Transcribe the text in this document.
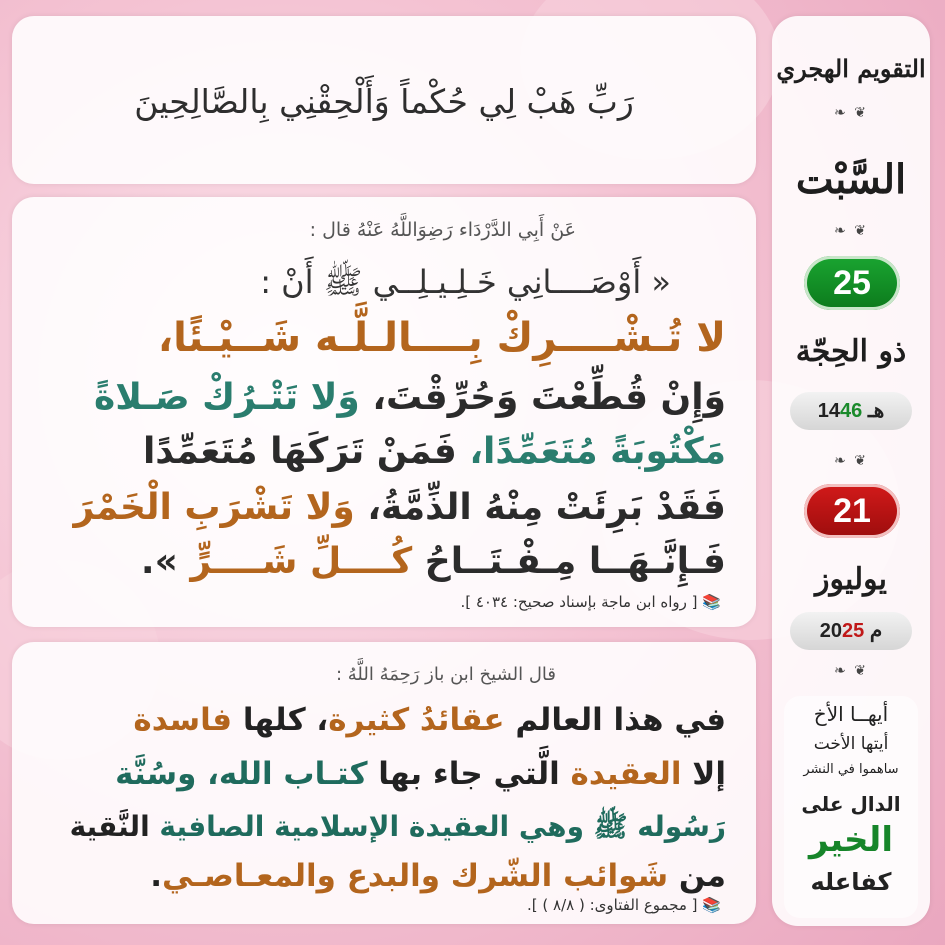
رَبِّ هَبْ لِي حُكْماً وَأَلْحِقْنِي بِالصَّالِحِينَ
عَنْ أَبِي الدَّرْدَاء رَضِوَاللَّهُ عَنْهُ قال :
« أَوْصَــــانِي خَـلِـيـلِــي ﷺ أَنْ :
لا تُـشْــــرِكْ بِــــالـلَّـه شَــيْـئًا،
وَإِنْ قُطِّعْتَ وَحُرِّقْتَ، وَلا تَتْـرُكْ صَـلاةً
مَكْتُوبَةً مُتَعَمِّدًا، فَمَنْ تَرَكَهَا مُتَعَمِّدًا
فَقَدْ بَرِئَتْ مِنْهُ الذِّمَّةُ، وَلا تَشْرَبِ الْخَمْرَ
فَـإِنَّـهَــا مِـفْـتَــاحُ كُــــلِّ شَــــرٍّ ».
📚 [ رواه ابن ماجة بإسناد صحيح: ٤٠٣٤ ].
قال الشيخ ابن باز رَحِمَهُ اللَّهُ :
في هذا العالم عقائدُ كثيرة، كلها فاسدة
إلا العقيدة الَّتي جاء بها كتـاب الله، وسُنَّة
رَسُوله ﷺ وهي العقيدة الإسلامية الصافية النَّقية
من شَوائب الشّرك والبدع والمعـاصـي.
📚 [ مجموع الفتاوى: ( ٨/٨ ) ].
التقويم الهجري
❦ ❧
السَّبْت
❦ ❧
25
ذو الحِجّة
هـ 1446
❦ ❧
21
يوليوز
م 2025
❦ ❧
أيهــا الأخ
أيتها الأخت
ساهموا في النشر
الدال على
الخير
كفاعله
